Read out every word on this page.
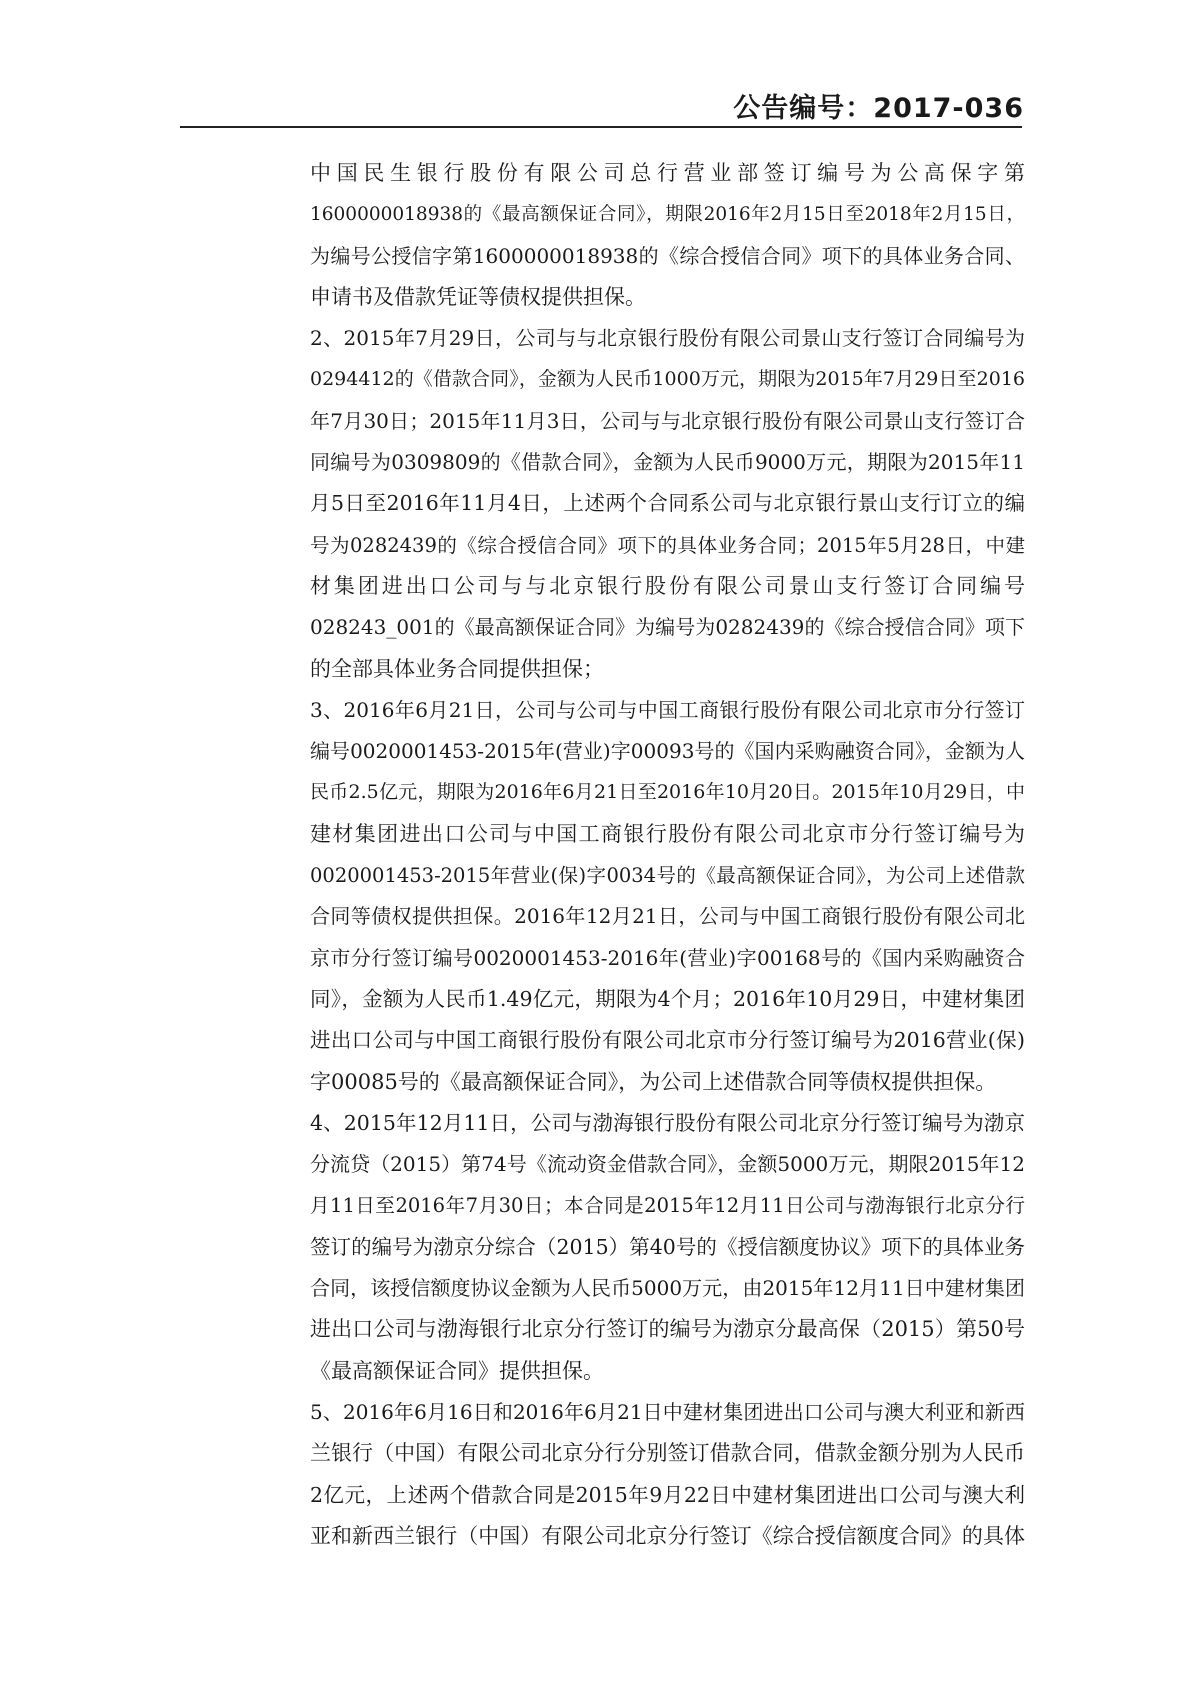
公告编号：2017-036
中国民生银行股份有限公司总行营业部签订编号为公高保字第
1600000018938的《最高额保证合同》，期限2016年2月15日至2018年2月15日，
为编号公授信字第1600000018938的《综合授信合同》项下的具体业务合同、
申请书及借款凭证等债权提供担保。
2、2015年7月29日，公司与与北京银行股份有限公司景山支行签订合同编号为
0294412的《借款合同》，金额为人民币1000万元，期限为2015年7月29日至2016
年7月30日；2015年11月3日，公司与与北京银行股份有限公司景山支行签订合
同编号为0309809的《借款合同》，金额为人民币9000万元，期限为2015年11
月5日至2016年11月4日，上述两个合同系公司与北京银行景山支行订立的编
号为0282439的《综合授信合同》项下的具体业务合同；2015年5月28日，中建
材集团进出口公司与与北京银行股份有限公司景山支行签订合同编号
028243_001的《最高额保证合同》为编号为0282439的《综合授信合同》项下
的全部具体业务合同提供担保；
3、2016年6月21日，公司与公司与中国工商银行股份有限公司北京市分行签订
编号0020001453-2015年(营业)字00093号的《国内采购融资合同》，金额为人
民币2.5亿元，期限为2016年6月21日至2016年10月20日。2015年10月29日，中
建材集团进出口公司与中国工商银行股份有限公司北京市分行签订编号为
0020001453-2015年营业(保)字0034号的《最高额保证合同》，为公司上述借款
合同等债权提供担保。2016年12月21日，公司与中国工商银行股份有限公司北
京市分行签订编号0020001453-2016年(营业)字00168号的《国内采购融资合
同》，金额为人民币1.49亿元，期限为4个月；2016年10月29日，中建材集团
进出口公司与中国工商银行股份有限公司北京市分行签订编号为2016营业(保)
字00085号的《最高额保证合同》，为公司上述借款合同等债权提供担保。
4、2015年12月11日，公司与渤海银行股份有限公司北京分行签订编号为渤京
分流贷（2015）第74号《流动资金借款合同》，金额5000万元，期限2015年12
月11日至2016年7月30日；本合同是2015年12月11日公司与渤海银行北京分行
签订的编号为渤京分综合（2015）第40号的《授信额度协议》项下的具体业务
合同，该授信额度协议金额为人民币5000万元，由2015年12月11日中建材集团
进出口公司与渤海银行北京分行签订的编号为渤京分最高保（2015）第50号
《最高额保证合同》提供担保。
5、2016年6月16日和2016年6月21日中建材集团进出口公司与澳大利亚和新西
兰银行（中国）有限公司北京分行分别签订借款合同，借款金额分别为人民币
2亿元，上述两个借款合同是2015年9月22日中建材集团进出口公司与澳大利
亚和新西兰银行（中国）有限公司北京分行签订《综合授信额度合同》的具体
